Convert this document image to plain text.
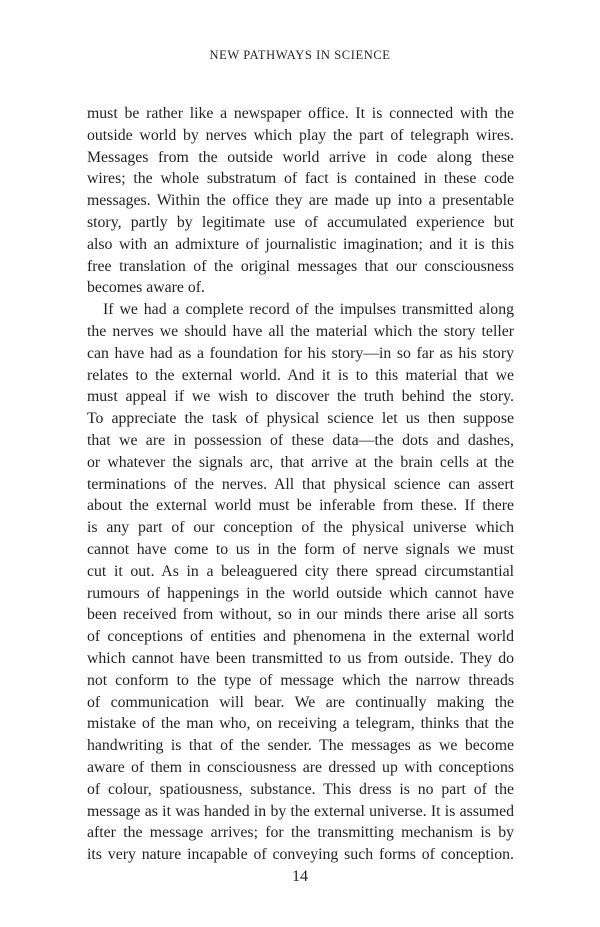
NEW PATHWAYS IN SCIENCE
must be rather like a newspaper office. It is connected with the
outside world by nerves which play the part of telegraph wires.
Messages from the outside world arrive in code along these
wires; the whole substratum of fact is contained in these code
messages. Within the office they are made up into a presentable
story, partly by legitimate use of accumulated experience but
also with an admixture of journalistic imagination; and it is this
free translation of the original messages that our consciousness
becomes aware of.
If we had a complete record of the impulses transmitted along
the nerves we should have all the material which the story teller
can have had as a foundation for his story—in so far as his story
relates to the external world. And it is to this material that we
must appeal if we wish to discover the truth behind the story.
To appreciate the task of physical science let us then suppose
that we are in possession of these data—the dots and dashes,
or whatever the signals arc, that arrive at the brain cells at the
terminations of the nerves. All that physical science can assert
about the external world must be inferable from these. If there
is any part of our conception of the physical universe which
cannot have come to us in the form of nerve signals we must
cut it out. As in a beleaguered city there spread circumstantial
rumours of happenings in the world outside which cannot have
been received from without, so in our minds there arise all sorts
of conceptions of entities and phenomena in the external world
which cannot have been transmitted to us from outside. They do
not conform to the type of message which the narrow threads
of communication will bear. We are continually making the
mistake of the man who, on receiving a telegram, thinks that the
handwriting is that of the sender. The messages as we become
aware of them in consciousness are dressed up with conceptions
of colour, spatiousness, substance. This dress is no part of the
message as it was handed in by the external universe. It is assumed
after the message arrives; for the transmitting mechanism is by
its very nature incapable of conveying such forms of conception.
14
